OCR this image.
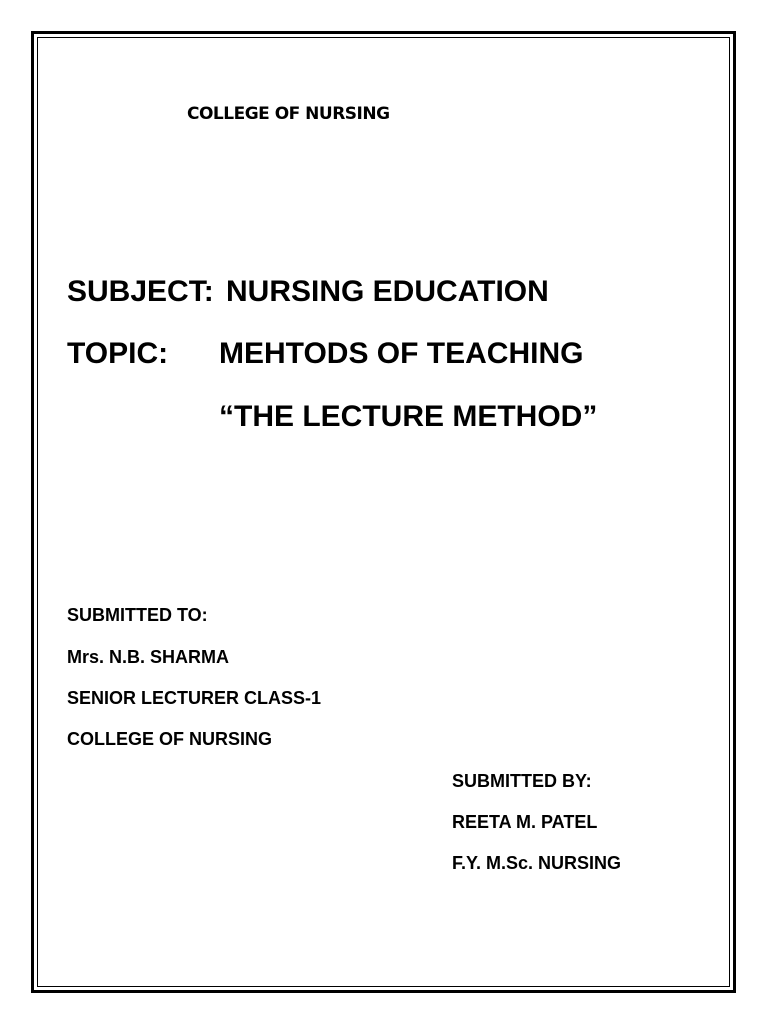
COLLEGE OF NURSING
SUBJECT: NURSING EDUCATION
TOPIC: MEHTODS OF TEACHING
“THE LECTURE METHOD”
SUBMITTED TO:
Mrs. N.B. SHARMA
SENIOR LECTURER CLASS-1
COLLEGE OF NURSING
SUBMITTED BY:
REETA M. PATEL
F.Y. M.Sc. NURSING
